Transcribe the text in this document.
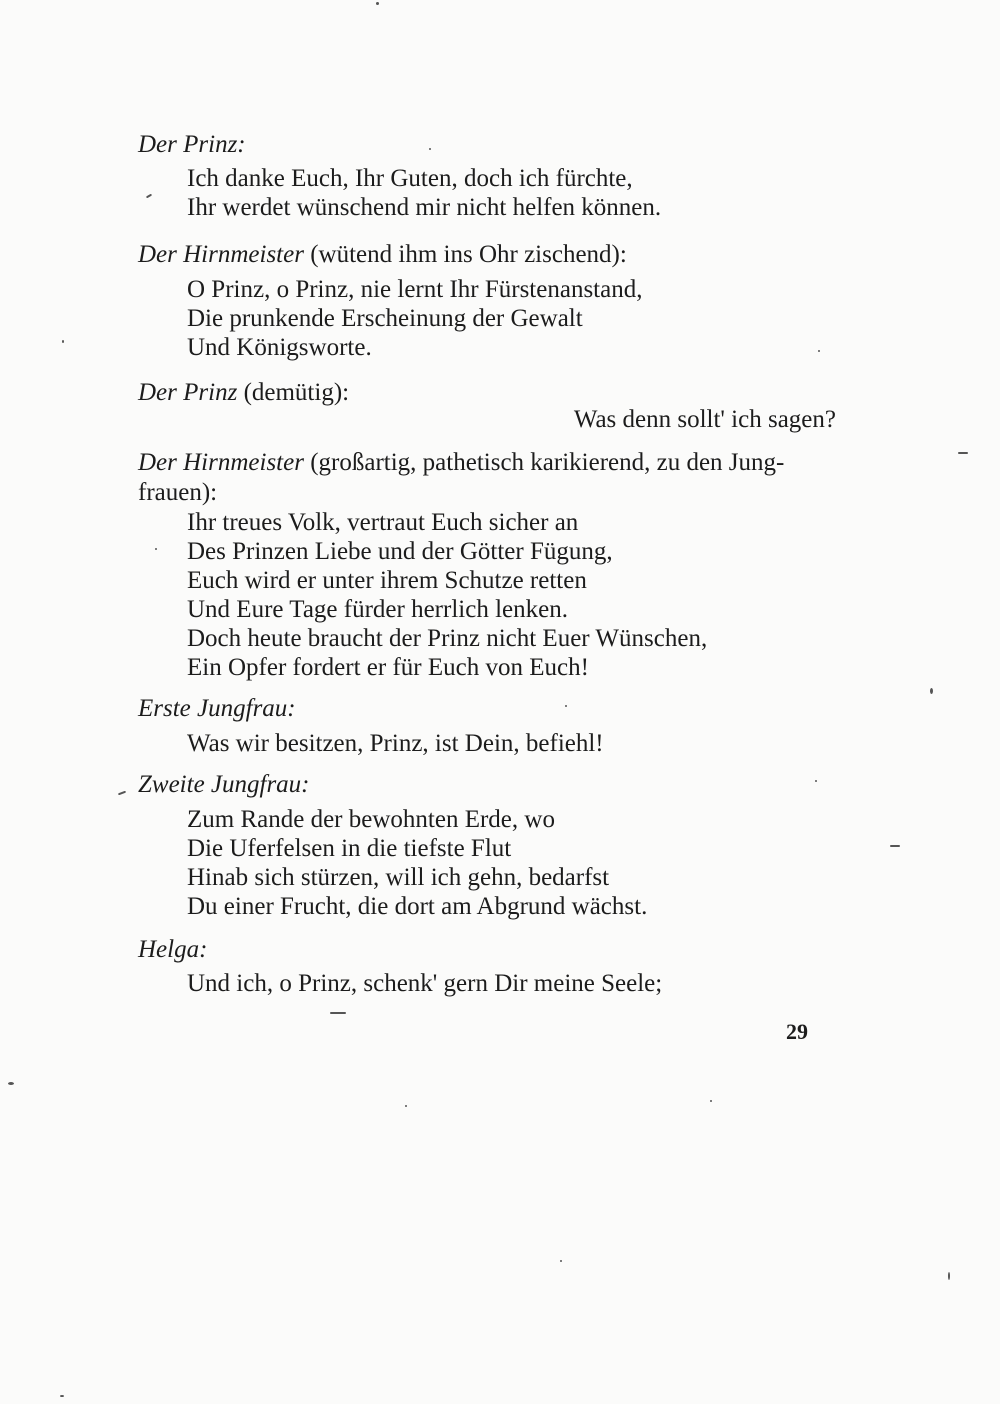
Der Prinz:
Ich danke Euch, Ihr Guten, doch ich fürchte,
Ihr werdet wünschend mir nicht helfen können.
Der Hirnmeister (wütend ihm ins Ohr zischend):
O Prinz, o Prinz, nie lernt Ihr Fürstenanstand,
Die prunkende Erscheinung der Gewalt
Und Königsworte.
Der Prinz (demütig):
Was denn sollt' ich sagen?
Der Hirnmeister (großartig, pathetisch karikierend, zu den Jung-
frauen):
Ihr treues Volk, vertraut Euch sicher an
Des Prinzen Liebe und der Götter Fügung,
Euch wird er unter ihrem Schutze retten
Und Eure Tage fürder herrlich lenken.
Doch heute braucht der Prinz nicht Euer Wünschen,
Ein Opfer fordert er für Euch von Euch!
Erste Jungfrau:
Was wir besitzen, Prinz, ist Dein, befiehl!
Zweite Jungfrau:
Zum Rande der bewohnten Erde, wo
Die Uferfelsen in die tiefste Flut
Hinab sich stürzen, will ich gehn, bedarfst
Du einer Frucht, die dort am Abgrund wächst.
Helga:
Und ich, o Prinz, schenk' gern Dir meine Seele;
29
